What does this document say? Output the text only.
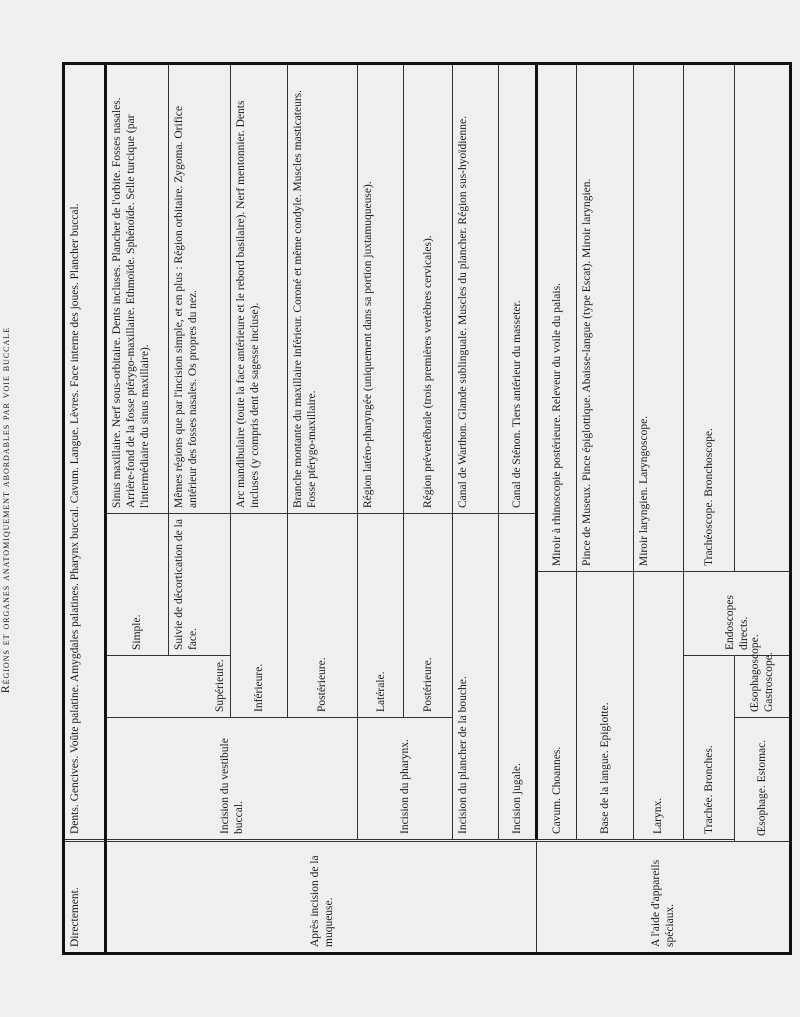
Régions et organes anatomiquement abordables par voie buccale
Directement.		Dents. Gencives. Voûte palatine. Amygdales palatines. Pharynx buccal. Cavum. Langue. Lèvres. Face interne des joues. Plancher buccal.				
Après incision de la muqueuse.		Incision du vestibule buccal.	Supérieure.	Simple.		Sinus maxillaire. Nerf sous-orbitaire. Dents incluses. Plancher de l'orbite. Fosses nasales. Arrière-fond de la fosse ptérygo-maxillaire. Ethmoïde. Sphénoïde. Selle turcique (par l'intermédiaire du sinus maxillaire).
				Suivie de décortication de la face.		Mêmes régions que par l'incision simple, et en plus : Région orbitaire. Zygoma. Orifice antérieur des fosses nasales. Os propres du nez.
			Inférieure.			Arc mandibulaire (toute la face antérieure et le rebord basilaire). Nerf mentonnier. Dents incluses (y compris dent de sagesse incluse).
			Postérieure.			Branche montante du maxillaire inférieur. Coroné et même condyle. Muscles masticateurs. Fosse ptérygo-maxillaire.
		Incision du pharynx.	Latérale.			Région latéro-pharyngée (uniquement dans sa portion juxtamuqueuse).
			Postérieure.			Région prévertébrale (trois premières vertèbres cervicales).
		Incision du plancher de la bouche.				Canal de Warthon. Glande sublinguale. Muscles du plancher. Région sus-hyoïdienne.
		Incision jugale.				Canal de Sténon. Tiers antérieur du masseter.
A l'aide d'appareils spéciaux.		Cavum. Choannes.			Miroir à rhinoscopie postérieure. Releveur du voile du palais.	
		Base de la langue. Epiglotte.			Pince de Museux. Pince épiglottique. Abaisse-langue (type Escat). Miroir laryngien.	
		Larynx.			Miroir laryngien. Laryngoscope.	
		Trachée. Bronches.		Endoscopes directs.	Trachéoscope. Bronchoscope.	
	Œsophage. Estomac.		Œsophagoscope. Gastroscope.			
